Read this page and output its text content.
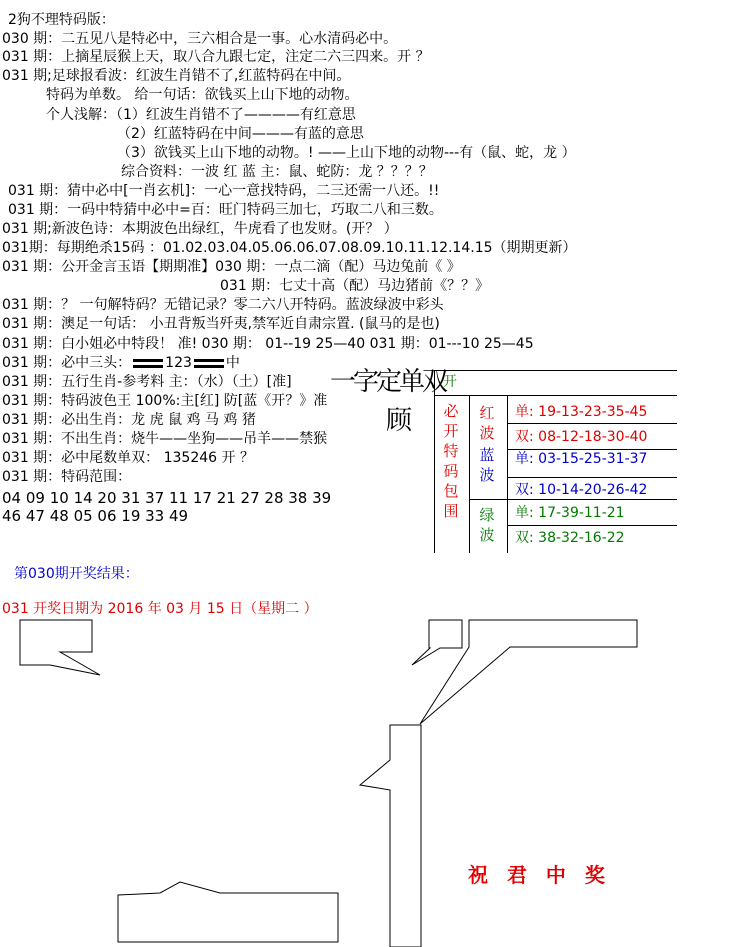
2狗不理特码版：
030 期：二五见八是特必中，三六相合是一事。心水清码必中。
031 期：上摘星辰猴上天，取八合九跟七定，注定二六三四来。开 ？
031 期;足球报看波：红波生肖错不了,红蓝特码在中间。
特码为单数。 给一句话：欲钱买上山下地的动物。
个人浅解：（1）红波生肖错不了————有红意思
（2）红蓝特码在中间———有蓝的意思
（3）欲钱买上山下地的动物。! ——上山下地的动物---有（鼠、蛇，龙 ）
综合资料：一波 红 蓝 主：鼠、蛇防：龙 ？？？？
031 期：猜中必中[一肖玄机]：一心一意找特码，二三还需一八还。!!
031 期：一码中特猜中必中=百：旺门特码三加七，巧取二八和三数。
031 期;新波色诗：本期波色出绿红，牛虎看了也发财。(开？ ）
031期：每期绝杀15码 ：01.02.03.04.05.06.06.07.08.09.10.11.12.14.15（期期更新）
031 期：公开金言玉语【期期准】030 期：一点二滴（配）马边兔前《 》
031 期：七丈十高（配）马边猪前《？？》
031 期：？ 一句解特码？无错记录？零二六八开特码。蓝波绿波中彩头
031 期：澳足一句话： 小丑背叛当歼夷,禁军近自肃宗置. (鼠马的是也)
031 期：白小姐必中特段！ 准! 030 期： 01--19 25—40 031 期：01---10 25—45
031 期：必中三头： 123 中
031 期：五行生肖-参考料 主：（水）（土）[准]
031 期：特码波色王 100%:主[红] 防[蓝《开？》准
031 期：必出生肖：龙 虎 鼠 鸡 马 鸡 猪
031 期：不出生肖：烧牛——坐狗——吊羊——禁猴
031 期：必中尾数单双： 135246 开 ？
031 期：特码范围：
04 09 10 14 20 31 37 11 17 21 27 28 38 39
46 47 48 05 06 19 33 49
一字定单双
顾
开
必开特码包围
红波
蓝波
绿波
单: 19-13-23-35-45
双: 08-12-18-30-40
单: 03-15-25-31-37
双: 10-14-20-26-42
单: 17-39-11-21
双: 38-32-16-22
第030期开奖结果：
031 开奖日期为 2016 年 03 月 15 日（星期二 ）
祝 君 中 奖
